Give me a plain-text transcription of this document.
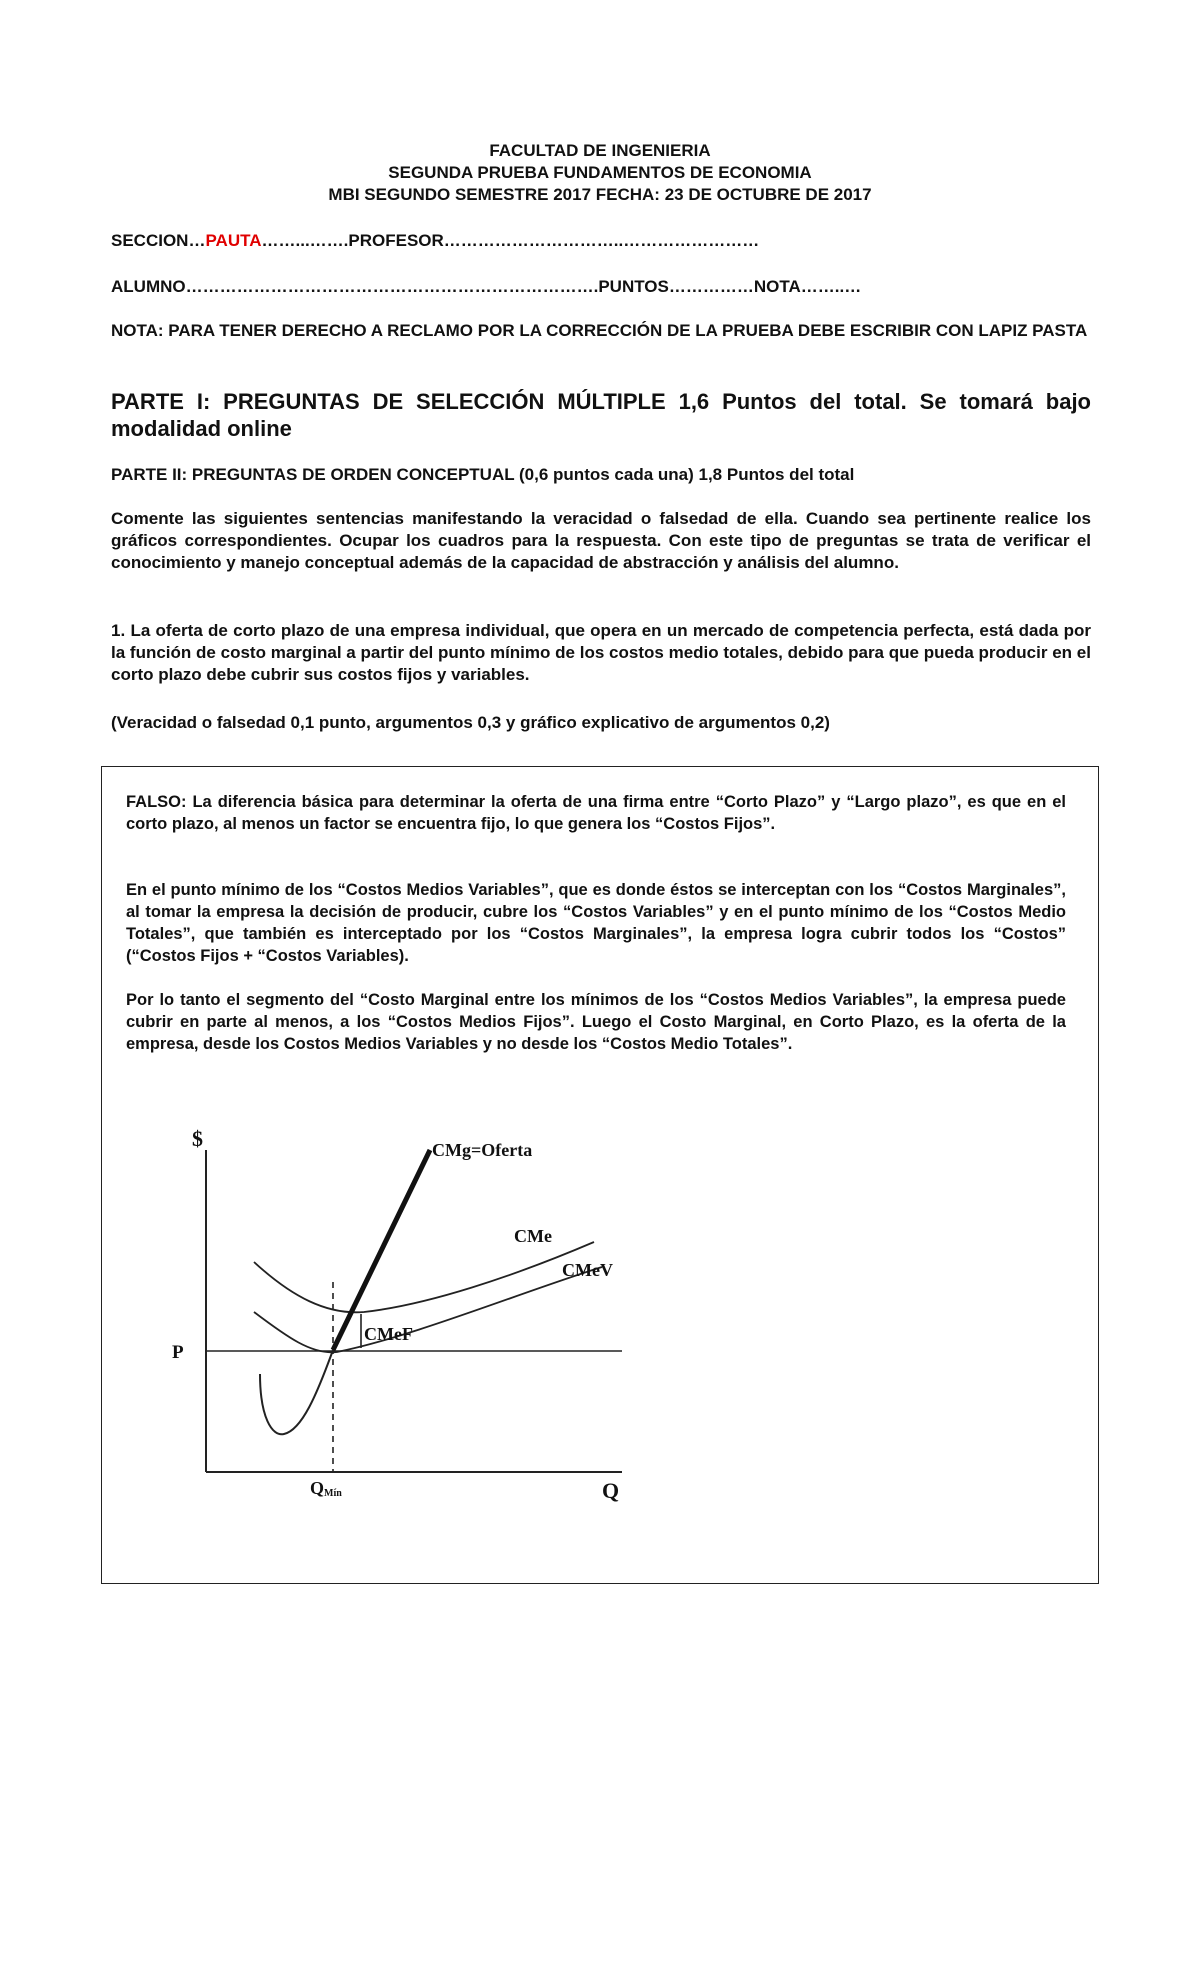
FACULTAD DE INGENIERIA
SEGUNDA PRUEBA FUNDAMENTOS DE ECONOMIA
MBI SEGUNDO SEMESTRE 2017 FECHA: 23 DE OCTUBRE DE 2017
SECCION…PAUTA……...…….PROFESOR…………………………..……………………
ALUMNO……………………………………………………………….PUNTOS……………NOTA……..…
NOTA: PARA TENER DERECHO A RECLAMO POR LA CORRECCIÓN DE LA PRUEBA DEBE ESCRIBIR CON LAPIZ PASTA
PARTE I: PREGUNTAS DE SELECCIÓN MÚLTIPLE 1,6 Puntos del total. Se tomará bajo modalidad online
PARTE II: PREGUNTAS DE ORDEN CONCEPTUAL (0,6 puntos cada una) 1,8 Puntos del total
Comente las siguientes sentencias manifestando la veracidad o falsedad de ella. Cuando sea pertinente realice los gráficos correspondientes. Ocupar los cuadros para la respuesta. Con este tipo de preguntas se trata de verificar el conocimiento y manejo conceptual además de la capacidad de abstracción y análisis del alumno.
1. La oferta de corto plazo de una empresa individual, que opera en un mercado de competencia perfecta, está dada por la función de costo marginal a partir del punto mínimo de los costos medio totales, debido para que pueda producir en el corto plazo debe cubrir sus costos fijos y variables.
(Veracidad o falsedad 0,1 punto, argumentos 0,3 y gráfico explicativo de argumentos 0,2)
FALSO: La diferencia básica para determinar la oferta de una firma entre “Corto Plazo” y “Largo plazo”, es que en el corto plazo, al menos un factor se encuentra fijo, lo que genera los “Costos Fijos”.
En el punto mínimo de los “Costos Medios Variables”, que es donde éstos se interceptan con los “Costos Marginales”, al tomar la empresa la decisión de producir, cubre los “Costos Variables” y en el punto mínimo de los “Costos Medio Totales”, que también es interceptado por los “Costos Marginales”, la empresa logra cubrir todos los “Costos” (“Costos Fijos + “Costos Variables).
Por lo tanto el segmento del “Costo Marginal entre los mínimos de los “Costos Medios Variables”, la empresa puede cubrir en parte al menos, a los “Costos Medios Fijos”. Luego el Costo Marginal, en Corto Plazo, es la oferta de la empresa, desde los Costos Medios Variables y no desde los “Costos Medio Totales”.
$
Q
P
QMín
CMe
CMeV
CMg=Oferta
CMeF
